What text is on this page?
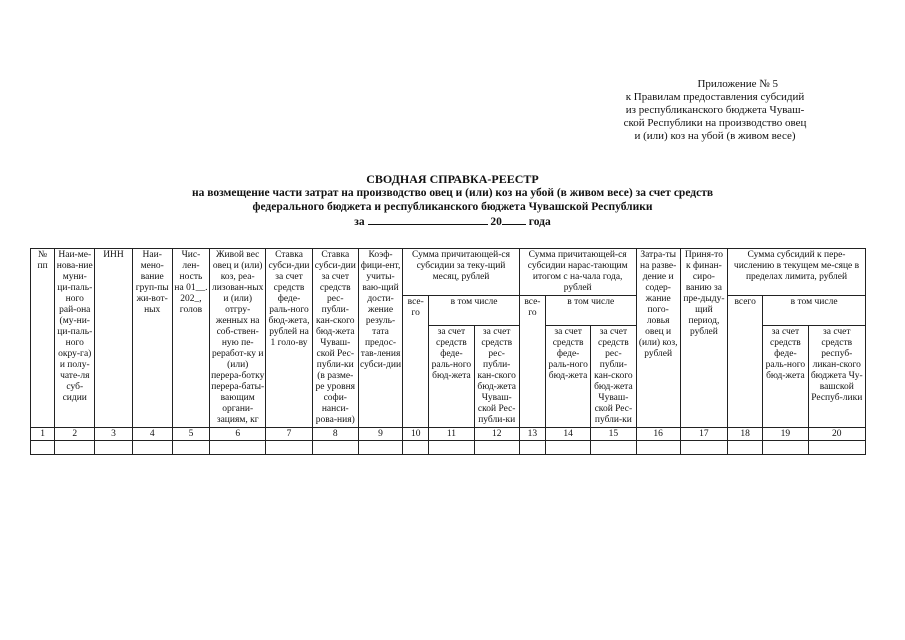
Приложение № 5
к Правилам предоставления субсидий
из республиканского бюджета Чуваш-
ской Республики на производство овец
и (или) коз на убой (в живом весе)
СВОДНАЯ СПРАВКА-РЕЕСТР
на возмещение части затрат на производство овец и (или) коз на убой (в живом весе) за счет средств
федерального бюджета и республиканского бюджета Чувашской Республики
за	20 года
№ пп	Наи-ме-нова-ние муни-ци-паль-ного рай-она (му-ни-ци-паль-ного окру-га) и полу-чате-ля суб-сидии	ИНН	Наи-мено-вание груп-пы жи-вот-ных	Чис-лен-ность на 01__. 202_, голов	Живой вес овец и (или) коз, реа-лизован-ных и (или) отгру-женных на соб-ствен-ную пе-реработ-ку и (или) перера-ботку перера-баты-вающим органи-зациям, кг	Ставка субси-дии за счет средств феде-раль-ного бюд-жета, рублей на 1 голо-ву	Ставка субси-дии за счет средств рес-публи-кан-ского бюд-жета Чуваш-ской Рес-публи-ки (в разме-ре уровня софи-нанси-рова-ния)	Коэф-фици-ент, учиты-ваю-щий дости-жение резуль-тата предос-тав-ления субси-дии	Сумма причитающей-ся субсидии за теку-щий месяц, рублей			Сумма причитающей-ся субсидии нарас-тающим итогом с на-чала года, рублей			Затра-ты на разве-дение и содер-жание пого-ловья овец и (или) коз, рублей	Приня-то к финан-сиро-ванию за пре-дыду-щий период, рублей	Сумма субсидий к пере-числению в текущем ме-сяце в пределах лимита, рублей		
									все-го	в том числе		все-го	в том числе				всего	в том числе	
										за счет средств феде-раль-ного бюд-жета	за счет средств рес-публи-кан-ского бюд-жета Чуваш-ской Рес-публи-ки		за счет средств феде-раль-ного бюд-жета	за счет средств рес-публи-кан-ского бюд-жета Чуваш-ской Рес-публи-ки				за счет средств феде-раль-ного бюд-жета	за счет средств респуб-ликан-ского бюджета Чу-вашской Респуб-лики
1	2	3	4	5	6	7	8	9	10	11	12	13	14	15	16	17	18	19	20
